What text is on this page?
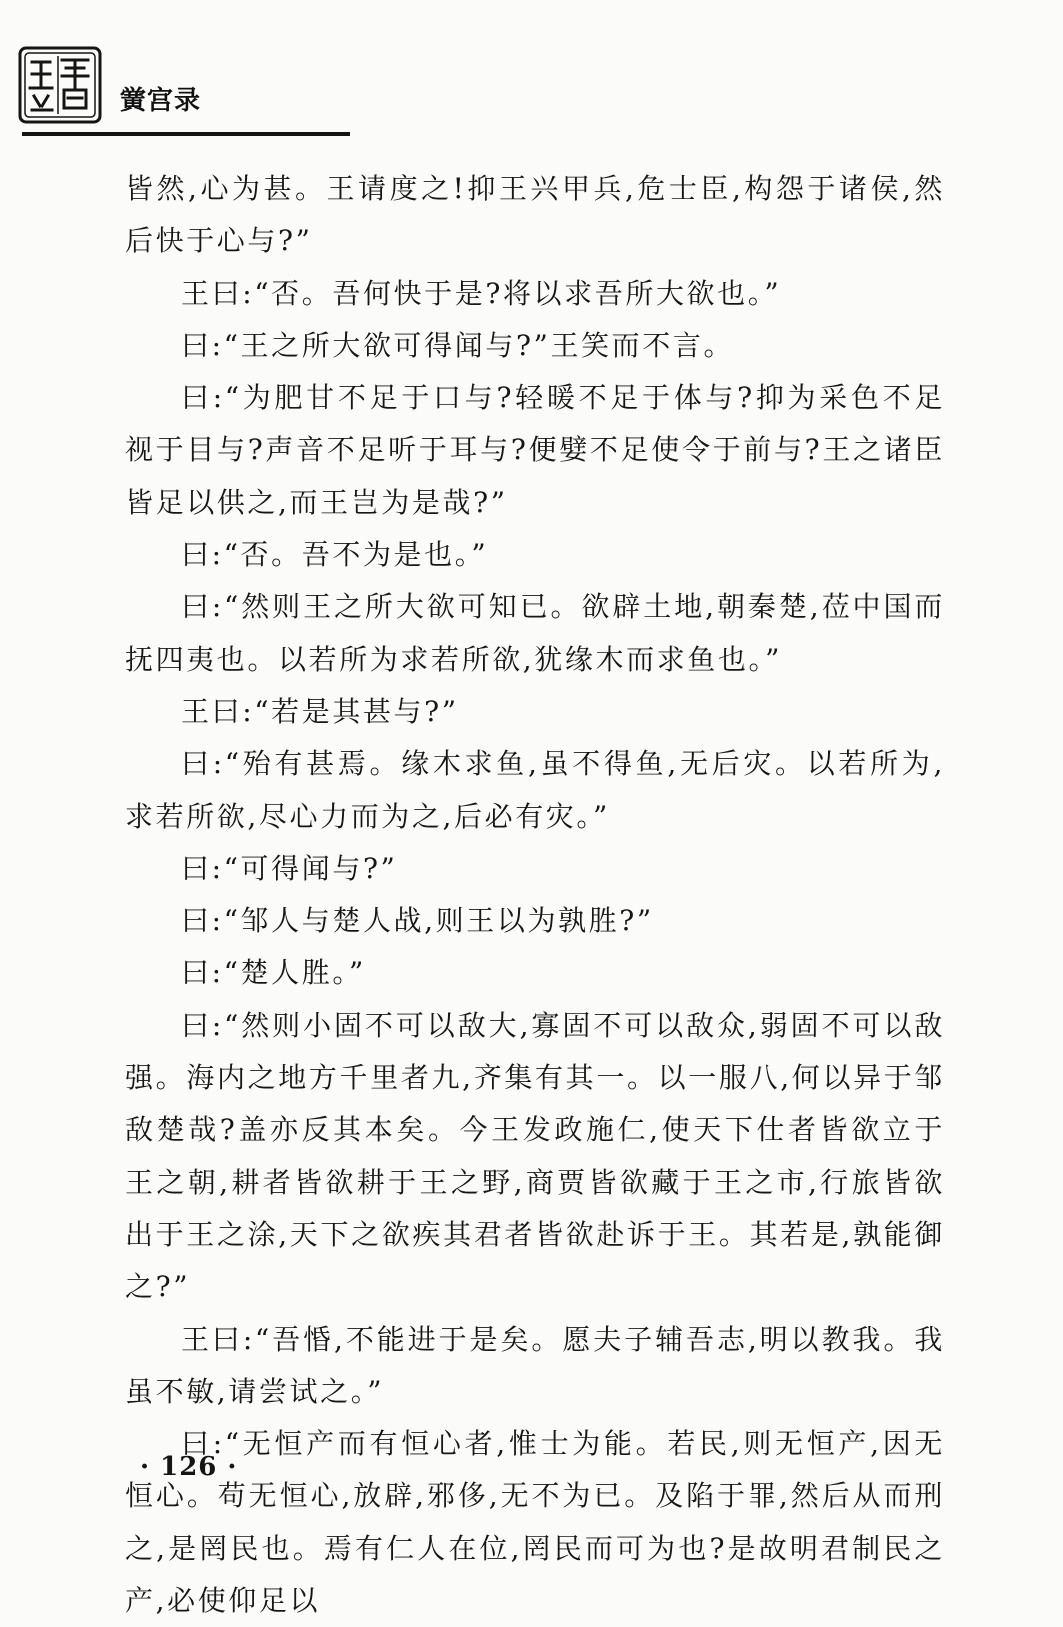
黉宫录

皆然,心为甚。王请度之!抑王兴甲兵,危士臣,构怨于诸侯,然后快于心与?”

王曰:“否。吾何快于是?将以求吾所大欲也。”

曰:“王之所大欲可得闻与?”王笑而不言。

曰:“为肥甘不足于口与?轻暖不足于体与?抑为采色不足视于目与?声音不足听于耳与?便嬖不足使令于前与?王之诸臣皆足以供之,而王岂为是哉?”

曰:“否。吾不为是也。”

曰:“然则王之所大欲可知已。欲辟土地,朝秦楚,莅中国而抚四夷也。以若所为求若所欲,犹缘木而求鱼也。”

王曰:“若是其甚与?”

曰:“殆有甚焉。缘木求鱼,虽不得鱼,无后灾。以若所为,求若所欲,尽心力而为之,后必有灾。”

曰:“可得闻与?”

曰:“邹人与楚人战,则王以为孰胜?”

曰:“楚人胜。”

曰:“然则小固不可以敌大,寡固不可以敌众,弱固不可以敌强。海内之地方千里者九,齐集有其一。以一服八,何以异于邹敌楚哉?盖亦反其本矣。今王发政施仁,使天下仕者皆欲立于王之朝,耕者皆欲耕于王之野,商贾皆欲藏于王之市,行旅皆欲出于王之涂,天下之欲疾其君者皆欲赴诉于王。其若是,孰能御之?”

王曰:“吾惛,不能进于是矣。愿夫子辅吾志,明以教我。我虽不敏,请尝试之。”

曰:“无恒产而有恒心者,惟士为能。若民,则无恒产,因无恒心。苟无恒心,放辟,邪侈,无不为已。及陷于罪,然后从而刑之,是罔民也。焉有仁人在位,罔民而可为也?是故明君制民之产,必使仰足以

· 126 ·
